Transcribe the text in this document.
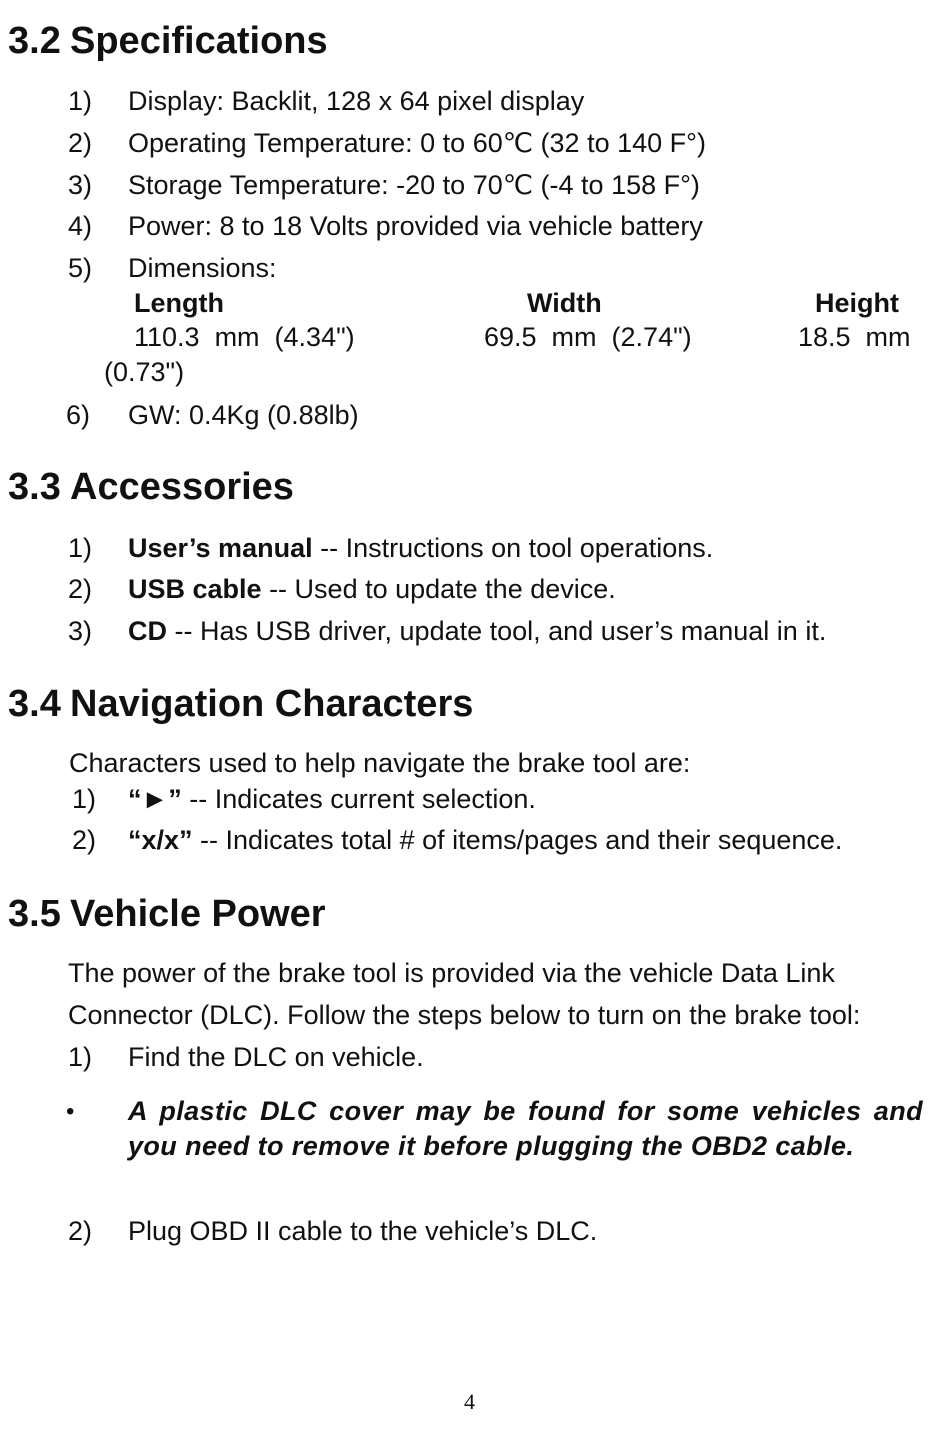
3.2 Specifications
1) Display: Backlit, 128 x 64 pixel display
2) Operating Temperature: 0 to 60℃ (32 to 140 F°)
3) Storage Temperature: -20 to 70℃ (-4 to 158 F°)
4) Power: 8 to 18 Volts provided via vehicle battery
5) Dimensions:
Length	Width	Height
110.3  mm  (4.34")	69.5  mm  (2.74")	18.5  mm
(0.73")
6) GW: 0.4Kg (0.88lb)
3.3 Accessories
1) User’s manual -- Instructions on tool operations.
2) USB cable -- Used to update the device.
3) CD -- Has USB driver, update tool, and user’s manual in it.
3.4 Navigation Characters
Characters used to help navigate the brake tool are:
1) “►” -- Indicates current selection.
2) “x/x” -- Indicates total # of items/pages and their sequence.
3.5 Vehicle Power
The power of the brake tool is provided via the vehicle Data Link
Connector (DLC). Follow the steps below to turn on the brake tool:
1) Find the DLC on vehicle.
• A plastic DLC cover may be found for some vehicles and you need to remove it before plugging the OBD2 cable.
2) Plug OBD II cable to the vehicle’s DLC.
4
